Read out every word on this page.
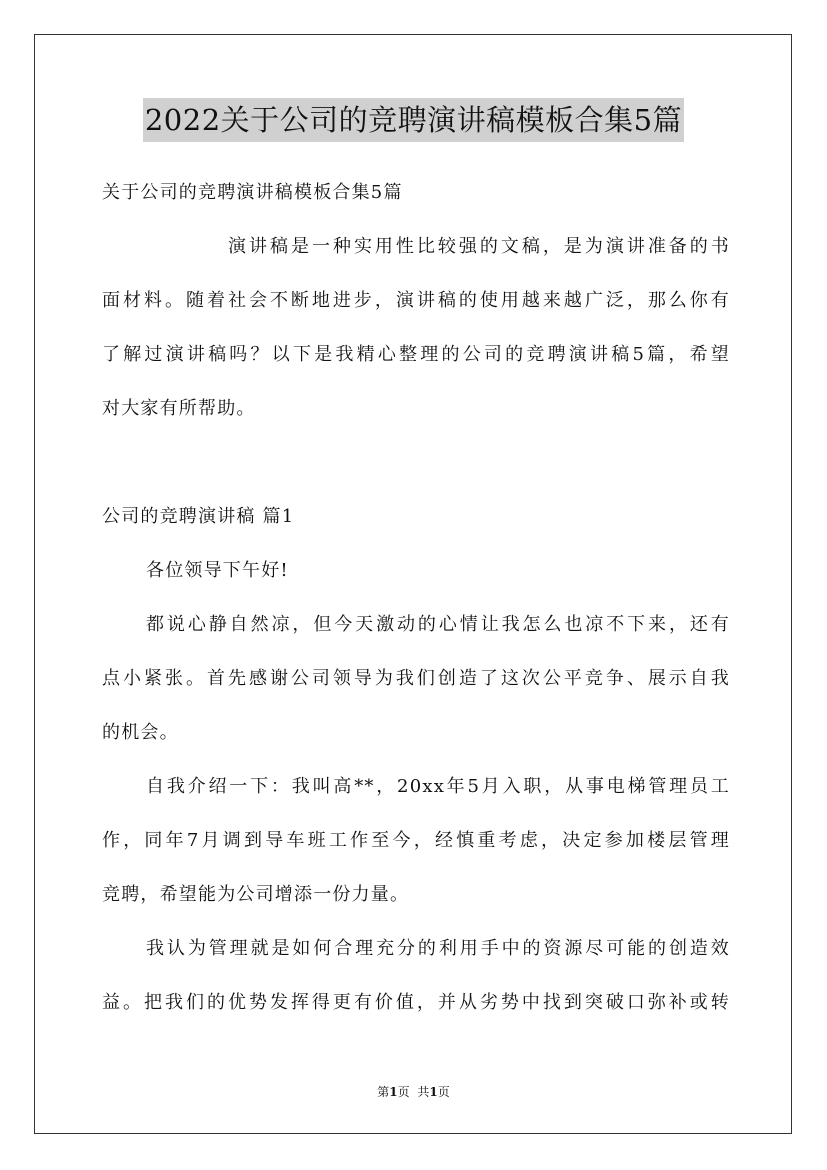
2022关于公司的竞聘演讲稿模板合集5篇
关于公司的竞聘演讲稿模板合集5篇
演讲稿是一种实用性比较强的文稿，是为演讲准备的书
面材料。随着社会不断地进步，演讲稿的使用越来越广泛，那么你有
了解过演讲稿吗？以下是我精心整理的公司的竞聘演讲稿5篇，希望
对大家有所帮助。
公司的竞聘演讲稿 篇1
各位领导下午好!
都说心静自然凉，但今天激动的心情让我怎么也凉不下来，还有
点小紧张。首先感谢公司领导为我们创造了这次公平竞争、展示自我
的机会。
自我介绍一下：我叫高**，20xx年5月入职，从事电梯管理员工
作，同年7月调到导车班工作至今，经慎重考虑，决定参加楼层管理
竞聘，希望能为公司增添一份力量。
我认为管理就是如何合理充分的利用手中的资源尽可能的创造效
益。把我们的优势发挥得更有价值，并从劣势中找到突破口弥补或转
第1页 共1页
